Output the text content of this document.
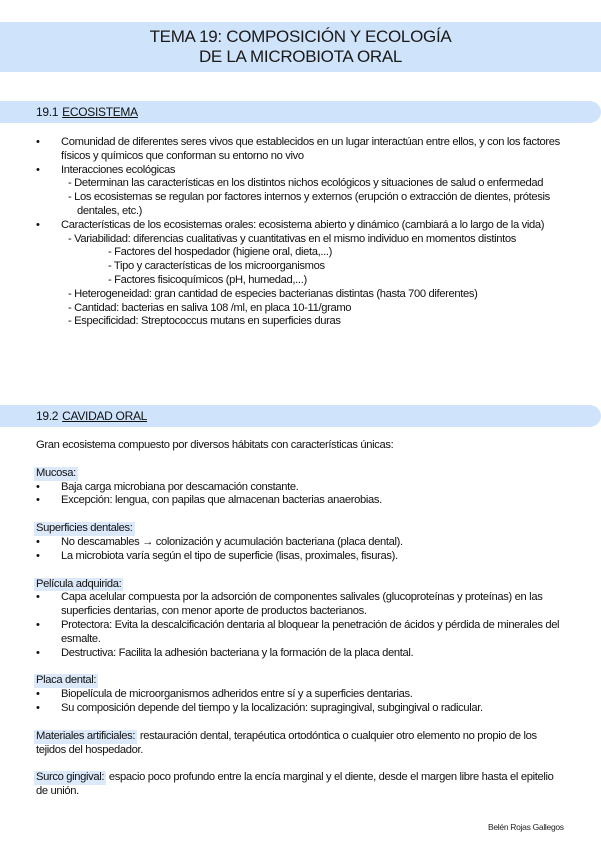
TEMA 19: COMPOSICIÓN Y ECOLOGÍA
DE LA MICROBIOTA ORAL
19.1 ECOSISTEMA
• Comunidad de diferentes seres vivos que establecidos en un lugar interactúan entre ellos, y con los factores físicos y químicos que conforman su entorno no vivo
• Interacciones ecológicas
- Determinan las características en los distintos nichos ecológicos y situaciones de salud o enfermedad
- Los ecosistemas se regulan por factores internos y externos (erupción o extracción de dientes, prótesis dentales, etc.)
• Características de los ecosistemas orales: ecosistema abierto y dinámico (cambiará a lo largo de la vida)
- Variabilidad: diferencias cualitativas y cuantitativas en el mismo individuo en momentos distintos
- Factores del hospedador (higiene oral, dieta,...)
- Tipo y características de los microorganismos
- Factores fisicoquímicos (pH, humedad,...)
- Heterogeneidad: gran cantidad de especies bacterianas distintas (hasta 700 diferentes)
- Cantidad: bacterias en saliva 108 /ml, en placa 10-11/gramo
- Especificidad: Streptococcus mutans en superficies duras
19.2 CAVIDAD ORAL
Gran ecosistema compuesto por diversos hábitats con características únicas:
Mucosa:
• Baja carga microbiana por descamación constante.
• Excepción: lengua, con papilas que almacenan bacterias anaerobias.
Superficies dentales:
• No descamables → colonización y acumulación bacteriana (placa dental).
• La microbiota varía según el tipo de superficie (lisas, proximales, fisuras).
Película adquirida:
• Capa acelular compuesta por la adsorción de componentes salivales (glucoproteínas y proteínas) en las superficies dentarias, con menor aporte de productos bacterianos.
• Protectora: Evita la descalcificación dentaria al bloquear la penetración de ácidos y pérdida de minerales del esmalte.
• Destructiva: Facilita la adhesión bacteriana y la formación de la placa dental.
Placa dental:
• Biopelícula de microorganismos adheridos entre sí y a superficies dentarias.
• Su composición depende del tiempo y la localización: supragingival, subgingival o radicular.
Materiales artificiales: restauración dental, terapéutica ortodóntica o cualquier otro elemento no propio de los tejidos del hospedador.
Surco gingival: espacio poco profundo entre la encía marginal y el diente, desde el margen libre hasta el epitelio de unión.
Belén Rojas Gallegos
